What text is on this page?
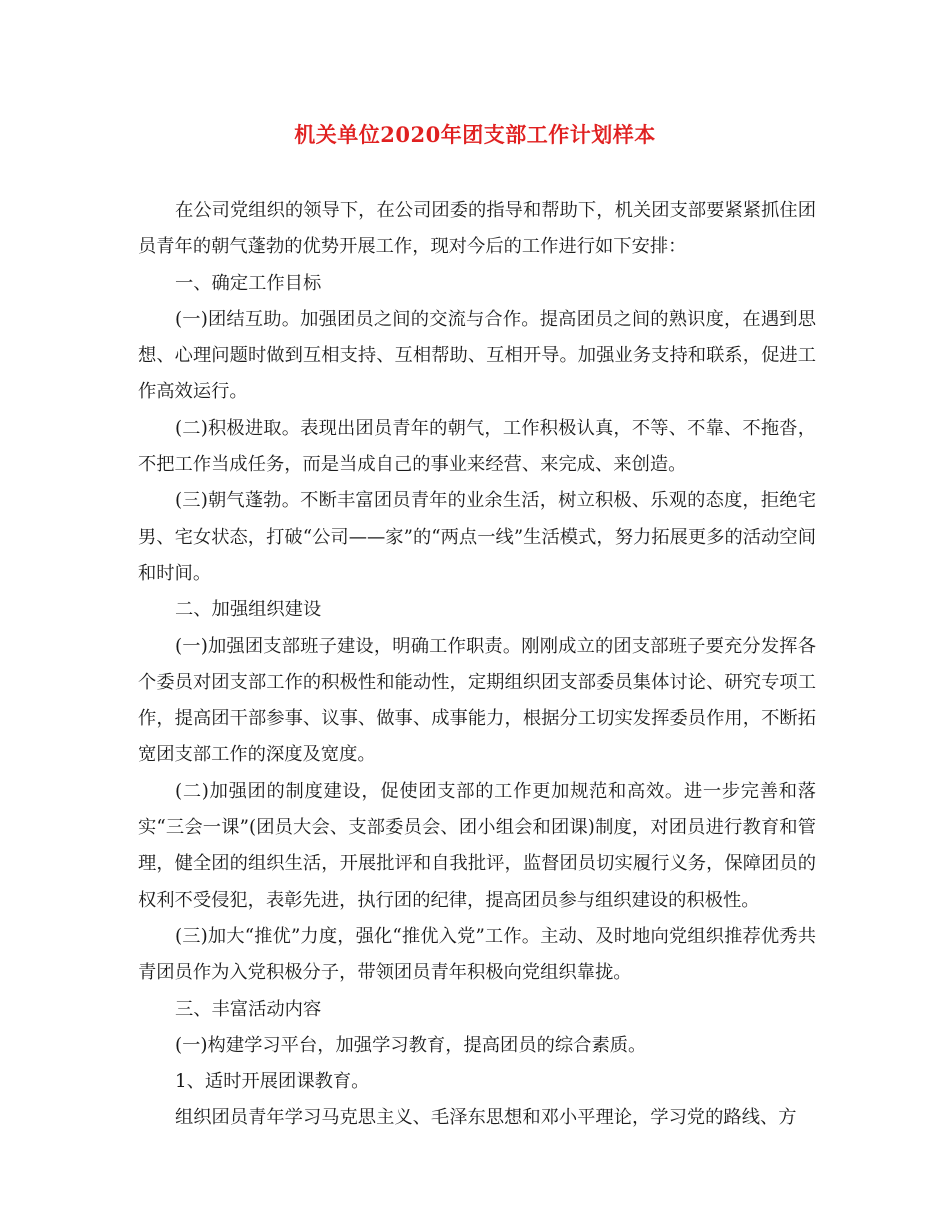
机关单位2020年团支部工作计划样本

在公司党组织的领导下，在公司团委的指导和帮助下，机关团支部要紧紧抓住团员青年的朝气蓬勃的优势开展工作，现对今后的工作进行如下安排：

一、确定工作目标

(一)团结互助。加强团员之间的交流与合作。提高团员之间的熟识度，在遇到思想、心理问题时做到互相支持、互相帮助、互相开导。加强业务支持和联系，促进工作高效运行。

(二)积极进取。表现出团员青年的朝气，工作积极认真，不等、不靠、不拖沓，不把工作当成任务，而是当成自己的事业来经营、来完成、来创造。

(三)朝气蓬勃。不断丰富团员青年的业余生活，树立积极、乐观的态度，拒绝宅男、宅女状态，打破“公司——家”的“两点一线”生活模式，努力拓展更多的活动空间和时间。

二、加强组织建设

(一)加强团支部班子建设，明确工作职责。刚刚成立的团支部班子要充分发挥各个委员对团支部工作的积极性和能动性，定期组织团支部委员集体讨论、研究专项工作，提高团干部参事、议事、做事、成事能力，根据分工切实发挥委员作用，不断拓宽团支部工作的深度及宽度。

(二)加强团的制度建设，促使团支部的工作更加规范和高效。进一步完善和落实“三会一课”(团员大会、支部委员会、团小组会和团课)制度，对团员进行教育和管理，健全团的组织生活，开展批评和自我批评，监督团员切实履行义务，保障团员的权利不受侵犯，表彰先进，执行团的纪律，提高团员参与组织建设的积极性。

(三)加大“推优”力度，强化“推优入党”工作。主动、及时地向党组织推荐优秀共青团员作为入党积极分子，带领团员青年积极向党组织靠拢。

三、丰富活动内容

(一)构建学习平台，加强学习教育，提高团员的综合素质。

1、适时开展团课教育。

组织团员青年学习马克思主义、毛泽东思想和邓小平理论，学习党的路线、方
